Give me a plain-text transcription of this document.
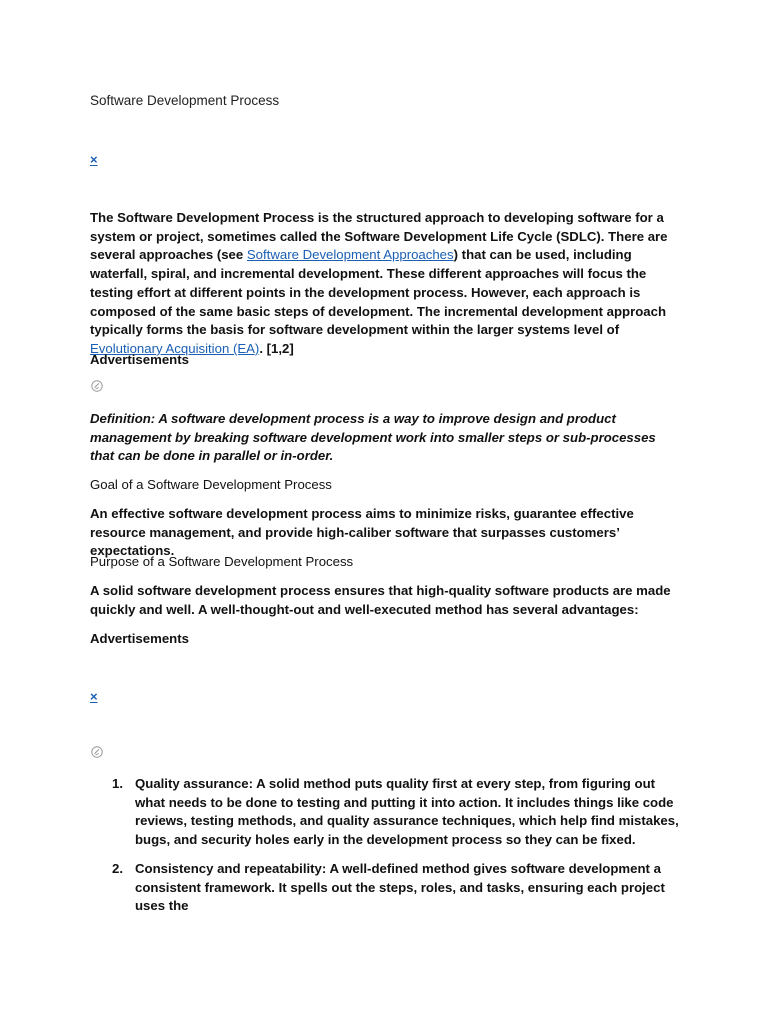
Software Development Process
×

The Software Development Process is the structured approach to developing software for a system or project, sometimes called the Software Development Life Cycle (SDLC). There are several approaches (see Software Development Approaches) that can be used, including waterfall, spiral, and incremental development. These different approaches will focus the testing effort at different points in the development process. However, each approach is composed of the same basic steps of development. The incremental development approach typically forms the basis for software development within the larger systems level of Evolutionary Acquisition (EA). [1,2]

Advertisements

Definition: A software development process is a way to improve design and product management by breaking software development work into smaller steps or sub-processes that can be done in parallel or in-order.

Goal of a Software Development Process

An effective software development process aims to minimize risks, guarantee effective resource management, and provide high-caliber software that surpasses customers’ expectations.

Purpose of a Software Development Process

A solid software development process ensures that high-quality software products are made quickly and well. A well-thought-out and well-executed method has several advantages:

Advertisements

×
1. Quality assurance: A solid method puts quality first at every step, from figuring out what needs to be done to testing and putting it into action. It includes things like code reviews, testing methods, and quality assurance techniques, which help find mistakes, bugs, and security holes early in the development process so they can be fixed.
2. Consistency and repeatability: A well-defined method gives software development a consistent framework. It spells out the steps, roles, and tasks, ensuring each project uses the
